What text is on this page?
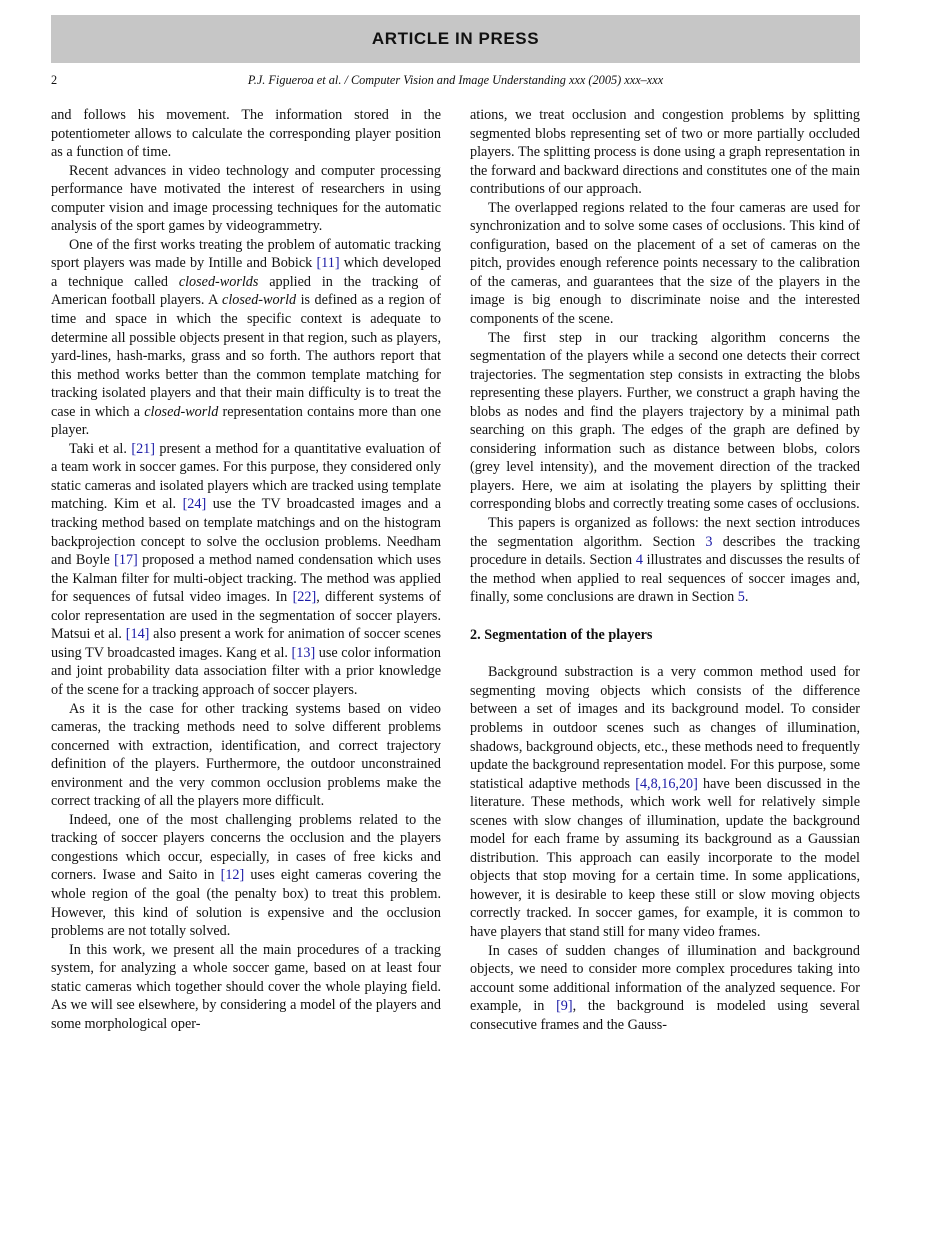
ARTICLE IN PRESS
2	P.J. Figueroa et al. / Computer Vision and Image Understanding xxx (2005) xxx–xxx

and follows his movement. The information stored in the potentiometer allows to calculate the corresponding player position as a function of time.

Recent advances in video technology and computer processing performance have motivated the interest of researchers in using computer vision and image processing techniques for the automatic analysis of the sport games by videogrammetry.

One of the first works treating the problem of automatic tracking sport players was made by Intille and Bobick [11] which developed a technique called closed-worlds applied in the tracking of American football players. A closed-world is defined as a region of time and space in which the specific context is adequate to determine all possible objects present in that region, such as players, yard-lines, hash-marks, grass and so forth. The authors report that this method works better than the common template matching for tracking isolated players and that their main difficulty is to treat the case in which a closed-world representation contains more than one player.

Taki et al. [21] present a method for a quantitative evaluation of a team work in soccer games. For this purpose, they considered only static cameras and isolated players which are tracked using template matching. Kim et al. [24] use the TV broadcasted images and a tracking method based on template matchings and on the histogram backprojection concept to solve the occlusion problems. Needham and Boyle [17] proposed a method named condensation which uses the Kalman filter for multi-object tracking. The method was applied for sequences of futsal video images. In [22], different systems of color representation are used in the segmentation of soccer players. Matsui et al. [14] also present a work for animation of soccer scenes using TV broadcasted images. Kang et al. [13] use color information and joint probability data association filter with a prior knowledge of the scene for a tracking approach of soccer players.

As it is the case for other tracking systems based on video cameras, the tracking methods need to solve different problems concerned with extraction, identification, and correct trajectory definition of the players. Furthermore, the outdoor unconstrained environment and the very common occlusion problems make the correct tracking of all the players more difficult.

Indeed, one of the most challenging problems related to the tracking of soccer players concerns the occlusion and the players congestions which occur, especially, in cases of free kicks and corners. Iwase and Saito in [12] uses eight cameras covering the whole region of the goal (the penalty box) to treat this problem. However, this kind of solution is expensive and the occlusion problems are not totally solved.

In this work, we present all the main procedures of a tracking system, for analyzing a whole soccer game, based on at least four static cameras which together should cover the whole playing field. As we will see elsewhere, by considering a model of the players and some morphological oper-

ations, we treat occlusion and congestion problems by splitting segmented blobs representing set of two or more partially occluded players. The splitting process is done using a graph representation in the forward and backward directions and constitutes one of the main contributions of our approach.

The overlapped regions related to the four cameras are used for synchronization and to solve some cases of occlusions. This kind of configuration, based on the placement of a set of cameras on the pitch, provides enough reference points necessary to the calibration of the cameras, and guarantees that the size of the players in the image is big enough to discriminate noise and the interested components of the scene.

The first step in our tracking algorithm concerns the segmentation of the players while a second one detects their correct trajectories. The segmentation step consists in extracting the blobs representing these players. Further, we construct a graph having the blobs as nodes and find the players trajectory by a minimal path searching on this graph. The edges of the graph are defined by considering information such as distance between blobs, colors (grey level intensity), and the movement direction of the tracked players. Here, we aim at isolating the players by splitting their corresponding blobs and correctly treating some cases of occlusions.

This papers is organized as follows: the next section introduces the segmentation algorithm. Section 3 describes the tracking procedure in details. Section 4 illustrates and discusses the results of the method when applied to real sequences of soccer images and, finally, some conclusions are drawn in Section 5.

2. Segmentation of the players

Background substraction is a very common method used for segmenting moving objects which consists of the difference between a set of images and its background model. To consider problems in outdoor scenes such as changes of illumination, shadows, background objects, etc., these methods need to frequently update the background representation model. For this purpose, some statistical adaptive methods [4,8,16,20] have been discussed in the literature. These methods, which work well for relatively simple scenes with slow changes of illumination, update the background model for each frame by assuming its background as a Gaussian distribution. This approach can easily incorporate to the model objects that stop moving for a certain time. In some applications, however, it is desirable to keep these still or slow moving objects correctly tracked. In soccer games, for example, it is common to have players that stand still for many video frames.

In cases of sudden changes of illumination and background objects, we need to consider more complex procedures taking into account some additional information of the analyzed sequence. For example, in [9], the background is modeled using several consecutive frames and the Gauss-
